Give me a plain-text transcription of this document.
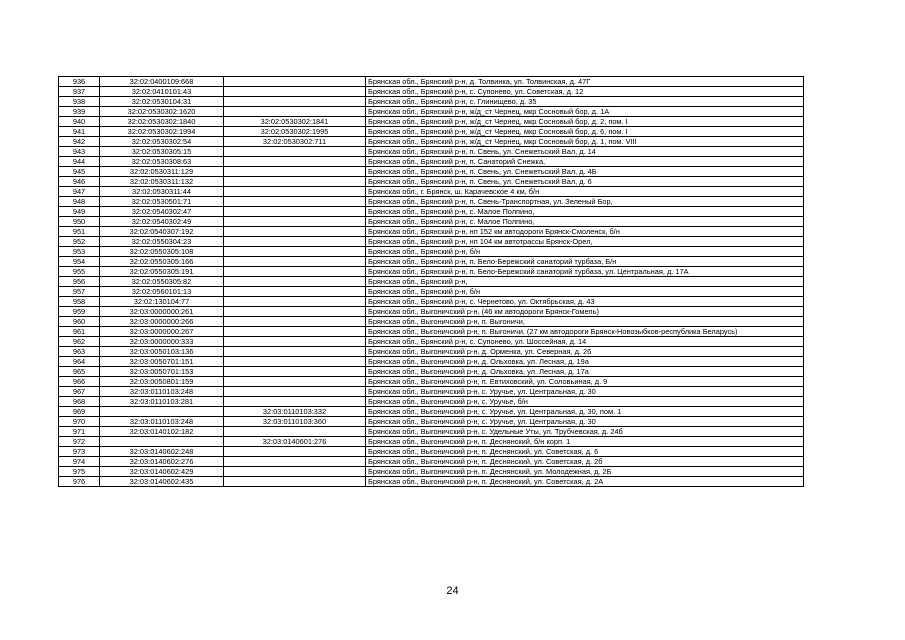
936	32:02:0400109:668		Брянская обл., Брянский р-н, д. Толвинка, ул. Толвинская, д. 47Г
937	32:02:0410101:43		Брянская обл., Брянский р-н, с. Супонево, ул. Советская, д. 12
938	32:02:0530104:31		Брянская обл., Брянский р-н, с. Глинищево, д. 35
939	32:02:0530302:1620		Брянская обл., Брянский р-н, ж/д_ст Чернец, мкр Сосновый бор, д. 1А
940	32:02:0530302:1840	32:02:0530302:1841	Брянская обл., Брянский р-н, ж/д_ст Чернец, мкр Сосновый бор, д. 2, пом. I
941	32:02:0530302:1994	32:02:0530302:1995	Брянская обл., Брянский р-н, ж/д_ст Чернец, мкр Сосновый бор, д. 6, пом. I
942	32:02:0530302:54	32:02:0530302:711	Брянская обл., Брянский р-н, ж/д_ст Чернец, мкр Сосновый бор, д. 1, пом. VIII
943	32:02:0530305:15		Брянская обл., Брянский р-н, п. Свень, ул. Снежетьский Вал, д. 14
944	32:02:0530308:63		Брянская обл., Брянский р-н, п. Санаторий Снежка,
945	32:02:0530311:129		Брянская обл., Брянский р-н, п. Свень, ул. Снежетьский Вал, д. 4Б
946	32:02:0530311:132		Брянская обл., Брянский р-н, п. Свень, ул. Снежетьский Вал, д. 6
947	32:02:0530311:44		Брянская обл., г. Брянск, ш. Карачевское 4 км, б/н
948	32:02:0530501:71		Брянская обл., Брянский р-н, п. Свень-Транспортная, ул. Зеленый Бор,
949	32:02:0540302:47		Брянская обл., Брянский р-н, с. Малое Полпино,
950	32:02:0540302:49		Брянская обл., Брянский р-н, с. Малое Полпино,
951	32:02:0540307:192		Брянская обл., Брянский р-н, нп 152 км автодороги Брянск-Смоленск, б/н
952	32:02:0550304:23		Брянская обл., Брянский р-н, нп 104 км автотрассы Брянск-Орел,
953	32:02:0550305:108		Брянская обл., Брянский р-н, б/н
954	32:02:0550305:166		Брянская обл., Брянский р-н, п. Бело-Бережский санаторий турбаза, Б/н
955	32:02:0550305:191		Брянская обл., Брянский р-н, п. Бело-Бережский санаторий турбаза, ул. Центральная, д. 17А
956	32:02:0550305:82		Брянская обл., Брянский р-н,
957	32:02:0560101:13		Брянская обл., Брянский р-н, б/н
958	32:02:130104:77		Брянская обл., Брянский р-н, с. Чернетово, ул. Октябрьская, д. 43
959	32:03:0000000:261		Брянская обл., Выгоничский р-н, (46 км автодороги Брянск-Гомель)
960	32:03:0000000:266		Брянская обл., Выгоничский р-н, п. Выгоничи,
961	32:03:0000000:267		Брянская обл., Выгоничский р-н, п. Выгоничи, (27 км автодороги Брянск-Новозыбков-республика Беларусь)
962	32:03:0000000:333		Брянская обл., Брянский р-н, с. Супонево, ул. Шоссейная, д. 14
963	32:03:0050103:136		Брянская обл., Выгоничский р-н, д. Орменка, ул. Северная, д. 26
964	32:03:0050701:151		Брянская обл., Выгоничский р-н, д. Ольховка, ул. Лесная, д. 19а
965	32:03:0050701:153		Брянская обл., Выгоничский р-н, д. Ольховка, ул. Лесная, д. 17а
966	32:03:0050801:159		Брянская обл., Выгоничский р-н, п. Евтиховский, ул. Соловьиная, д. 9
967	32:03:0110103:248		Брянская обл., Выгоничский р-н, с. Уручье, ул. Центральная, д. 30
968	32:03:0110103:281		Брянская обл., Выгоничский р-н, с. Уручье, б/н
969		32:03:0110103:332	Брянская обл., Выгоничский р-н, с. Уручье, ул. Центральная, д. 30, пом. 1
970	32:03:0110103:248	32:03:0110103:360	Брянская обл., Выгоничский р-н, с. Уручье, ул. Центральная, д. 30
971	32:03:0140102:182		Брянская обл., Выгоничский р-н, с. Удельные Уты, ул. Трубчевская, д. 24б
972		32:03:0140601:276	Брянская обл., Выгоничский р-н, п. Деснянский, б/н корп. 1
973	32:03:0140602:248		Брянская обл., Выгоничский р-н, п. Деснянский, ул. Советская, д. 6
974	32:03:0140602:276		Брянская обл., Выгоничский р-н, п. Деснянский, ул. Советская, д. 2б
975	32:03:0140602:429		Брянская обл., Выгоничский р-н, п. Деснянский, ул. Молодежная, д. 2Б
976	32:03:0140602:435		Брянская обл., Выгоничский р-н, п. Деснянский, ул. Советская, д. 2А
24
